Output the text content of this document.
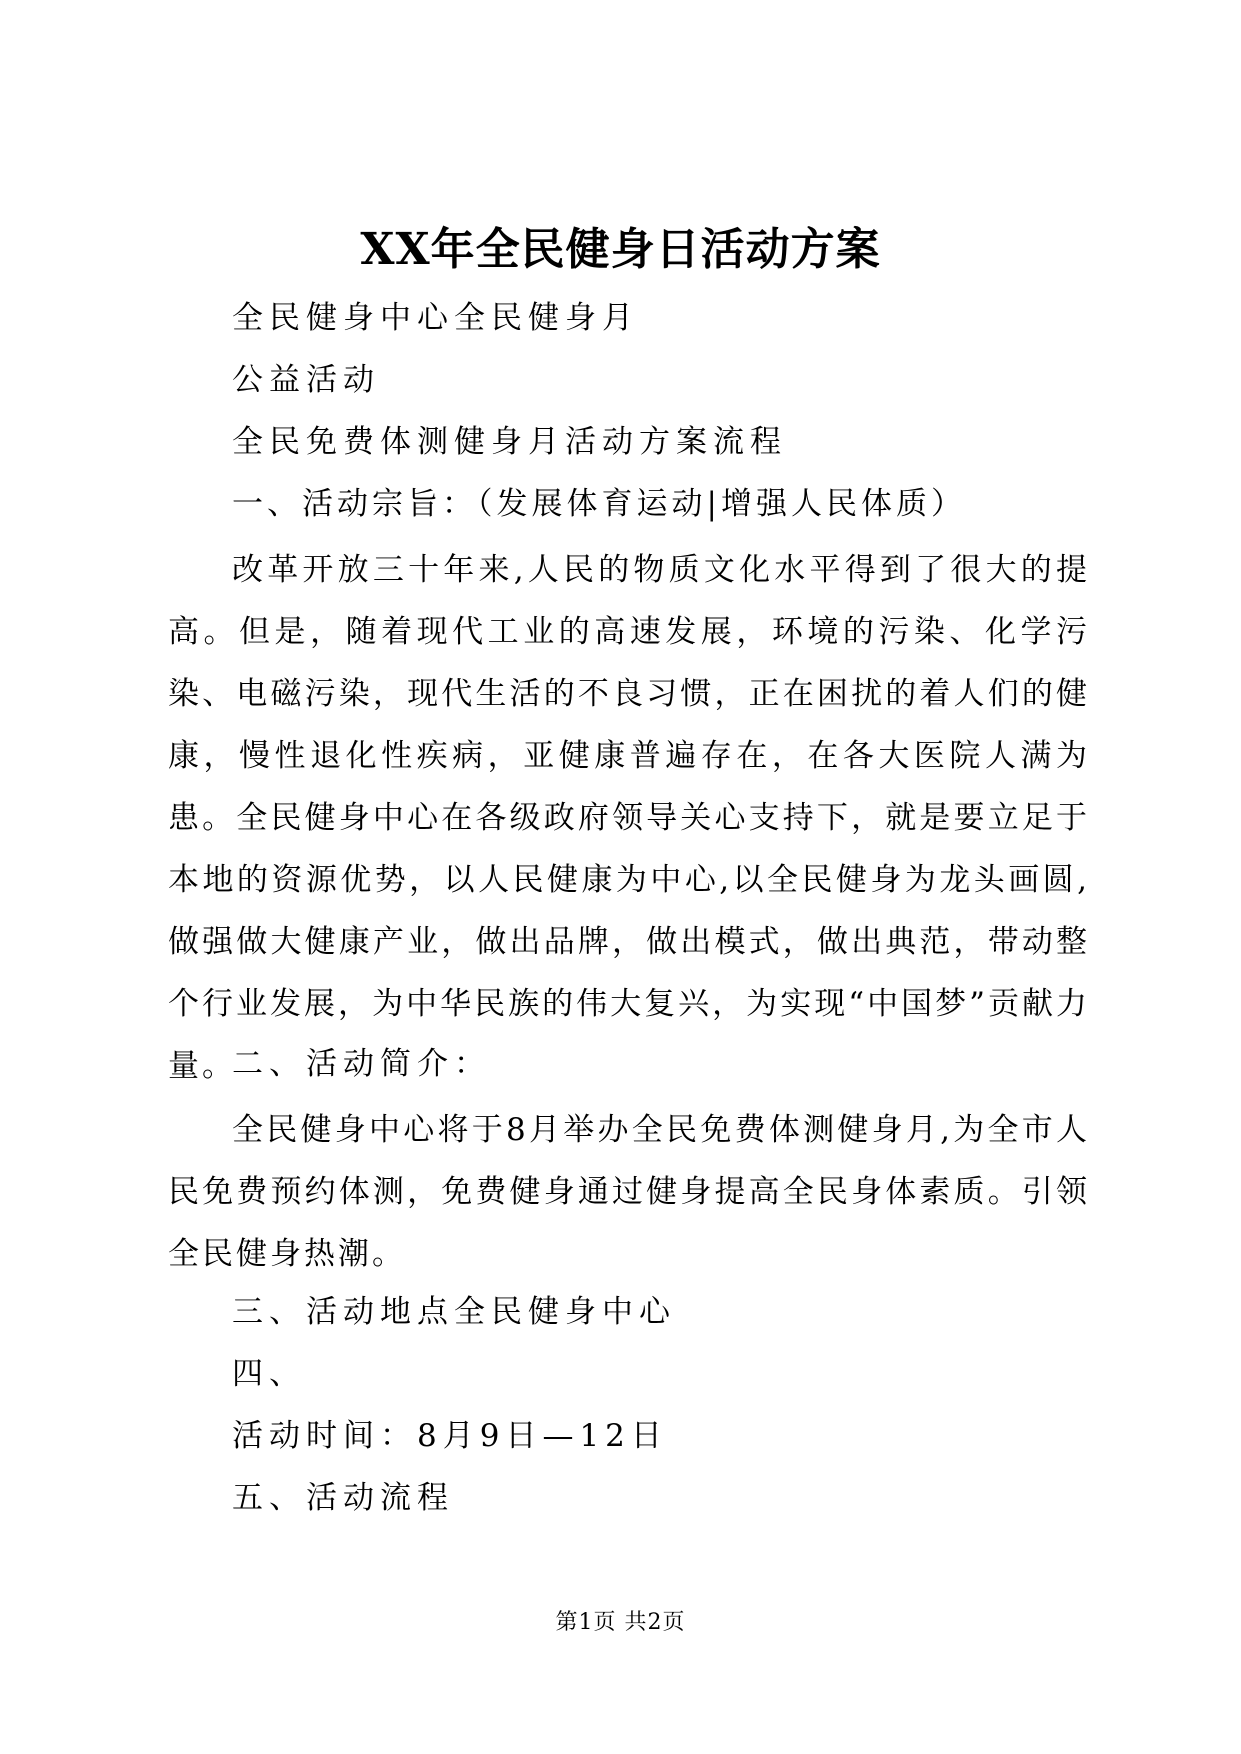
XX年全民健身日活动方案
全民健身中心全民健身月
公益活动
全民免费体测健身月活动方案流程
一、活动宗旨：（发展体育运动|增强人民体质）
改革开放三十年来,人民的物质文化水平得到了很大的提高。但是，随着现代工业的高速发展，环境的污染、化学污染、电磁污染，现代生活的不良习惯，正在困扰的着人们的健康，慢性退化性疾病，亚健康普遍存在，在各大医院人满为患。全民健身中心在各级政府领导关心支持下，就是要立足于本地的资源优势，以人民健康为中心,以全民健身为龙头画圆,做强做大健康产业，做出品牌，做出模式，做出典范，带动整个行业发展，为中华民族的伟大复兴，为实现“中国梦”贡献力量。
二、活动简介：
全民健身中心将于8月举办全民免费体测健身月,为全市人民免费预约体测，免费健身通过健身提高全民身体素质。引领全民健身热潮。
三、活动地点全民健身中心
四、
活动时间：8月9日—12日
五、活动流程
第1页 共2页
